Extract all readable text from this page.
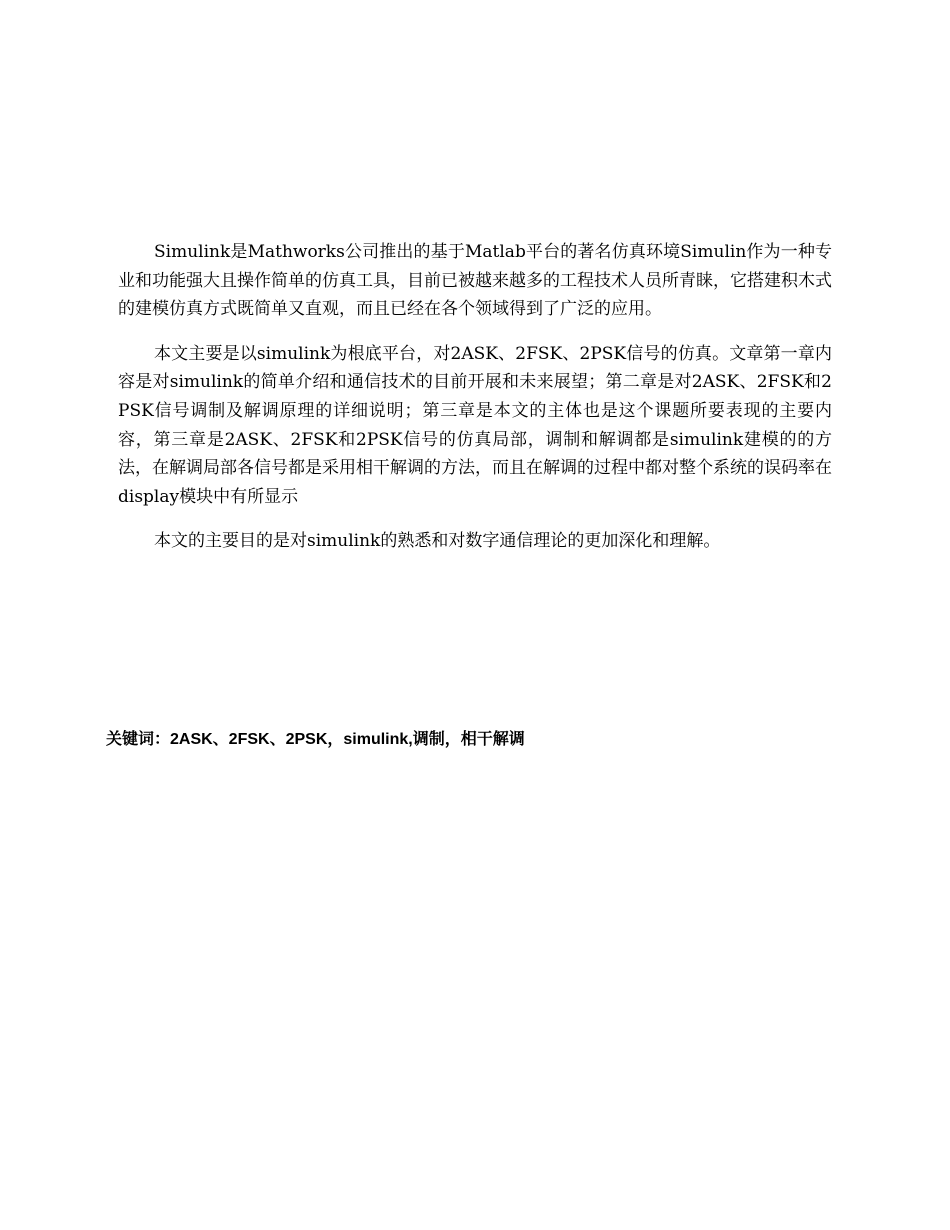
Simulink是Mathworks公司推出的基于Matlab平台的著名仿真环境Simulin作为一种专业和功能强大且操作简单的仿真工具，目前已被越来越多的工程技术人员所青睐，它搭建积木式的建模仿真方式既简单又直观，而且已经在各个领域得到了广泛的应用。

本文主要是以simulink为根底平台，对2ASK、2FSK、2PSK信号的仿真。文章第一章内容是对simulink的简单介绍和通信技术的目前开展和未来展望；第二章是对2ASK、2FSK和2PSK信号调制及解调原理的详细说明；第三章是本文的主体也是这个课题所要表现的主要内容，第三章是2ASK、2FSK和2PSK信号的仿真局部，调制和解调都是simulink建模的的方法，在解调局部各信号都是采用相干解调的方法，而且在解调的过程中都对整个系统的误码率在display模块中有所显示

本文的主要目的是对simulink的熟悉和对数字通信理论的更加深化和理解。

关键词：2ASK、2FSK、2PSK，simulink,调制，相干解调
